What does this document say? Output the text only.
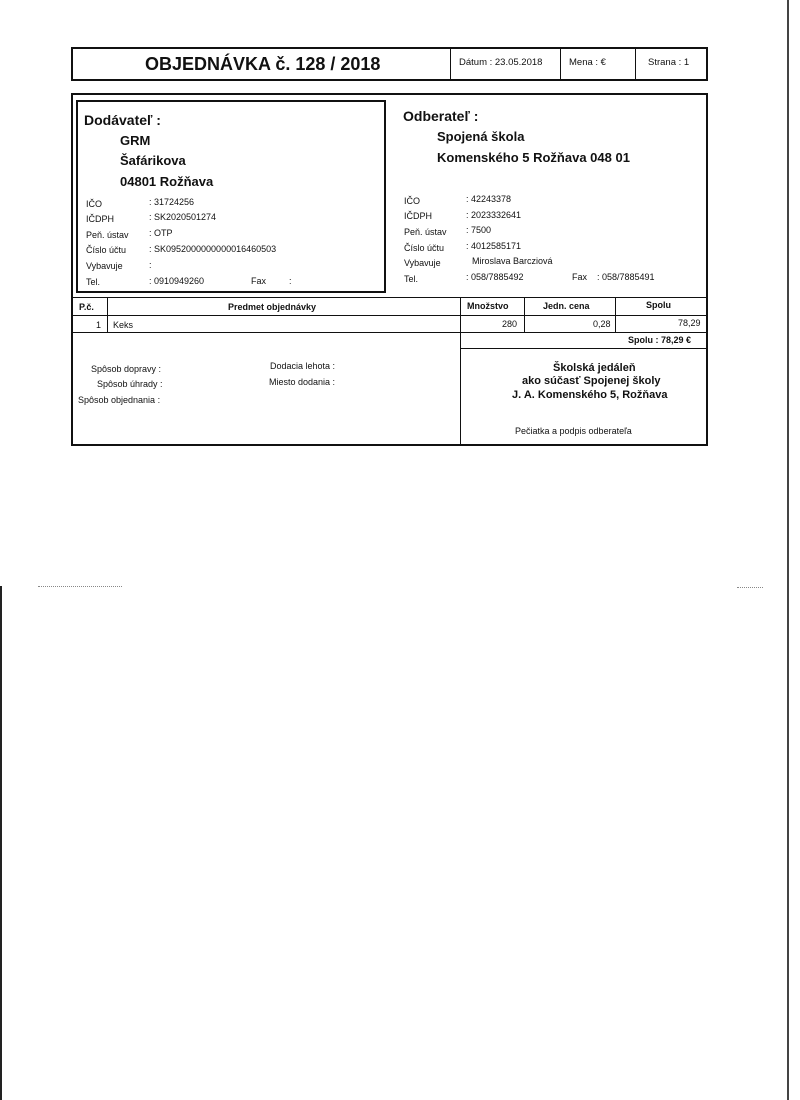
OBJEDNÁVKA č. 128 / 2018	Dátum : 23.05.2018	Mena : €	Strana : 1
Dodávateľ :
GRM
Šafárikova
04801 Rožňava
IČO	: 31724256
IČDPH	: SK2020501274
Peň. ústav : OTP
Číslo účtu	: SK0952000000000016460503
Vybavuje	:
Tel.	: 0910949260	Fax	:
Odberateľ :
Spojená škola
Komenského 5 Rožňava 048 01
IČO	: 42243378
IČDPH	: 2023332641
Peň. ústav : 7500
Číslo účtu : 4012585171
Vybavuje	Miroslava Barcziová
Tel.	: 058/7885492	Fax : 058/7885491
P.č.	Predmet objednávky	Množstvo	Jedn. cena	Spolu
1 Keks	280	0,28	78,29
Spolu : 78,29 €
Spôsob dopravy :
Spôsob úhrady :
Spôsob objednania :
Dodacia lehota :
Miesto dodania :
Školská jedáleň
ako súčasť Spojenej školy
J. A. Komenského 5, Rožňava
Pečiatka a podpis odberateľa
